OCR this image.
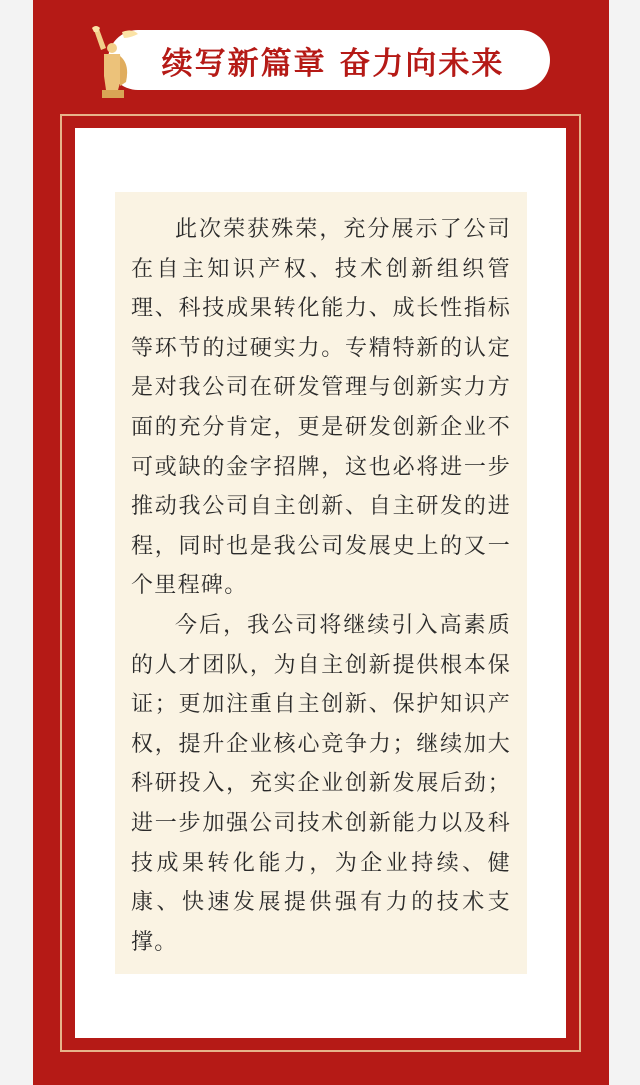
续写新篇章 奋力向未来

此次荣获殊荣，充分展示了公司在自主知识产权、技术创新组织管理、科技成果转化能力、成长性指标等环节的过硬实力。专精特新的认定是对我公司在研发管理与创新实力方面的充分肯定，更是研发创新企业不可或缺的金字招牌，这也必将进一步推动我公司自主创新、自主研发的进程，同时也是我公司发展史上的又一个里程碑。

今后，我公司将继续引入高素质的人才团队，为自主创新提供根本保证；更加注重自主创新、保护知识产权，提升企业核心竞争力；继续加大科研投入，充实企业创新发展后劲；进一步加强公司技术创新能力以及科技成果转化能力，为企业持续、健康、快速发展提供强有力的技术支撑。
